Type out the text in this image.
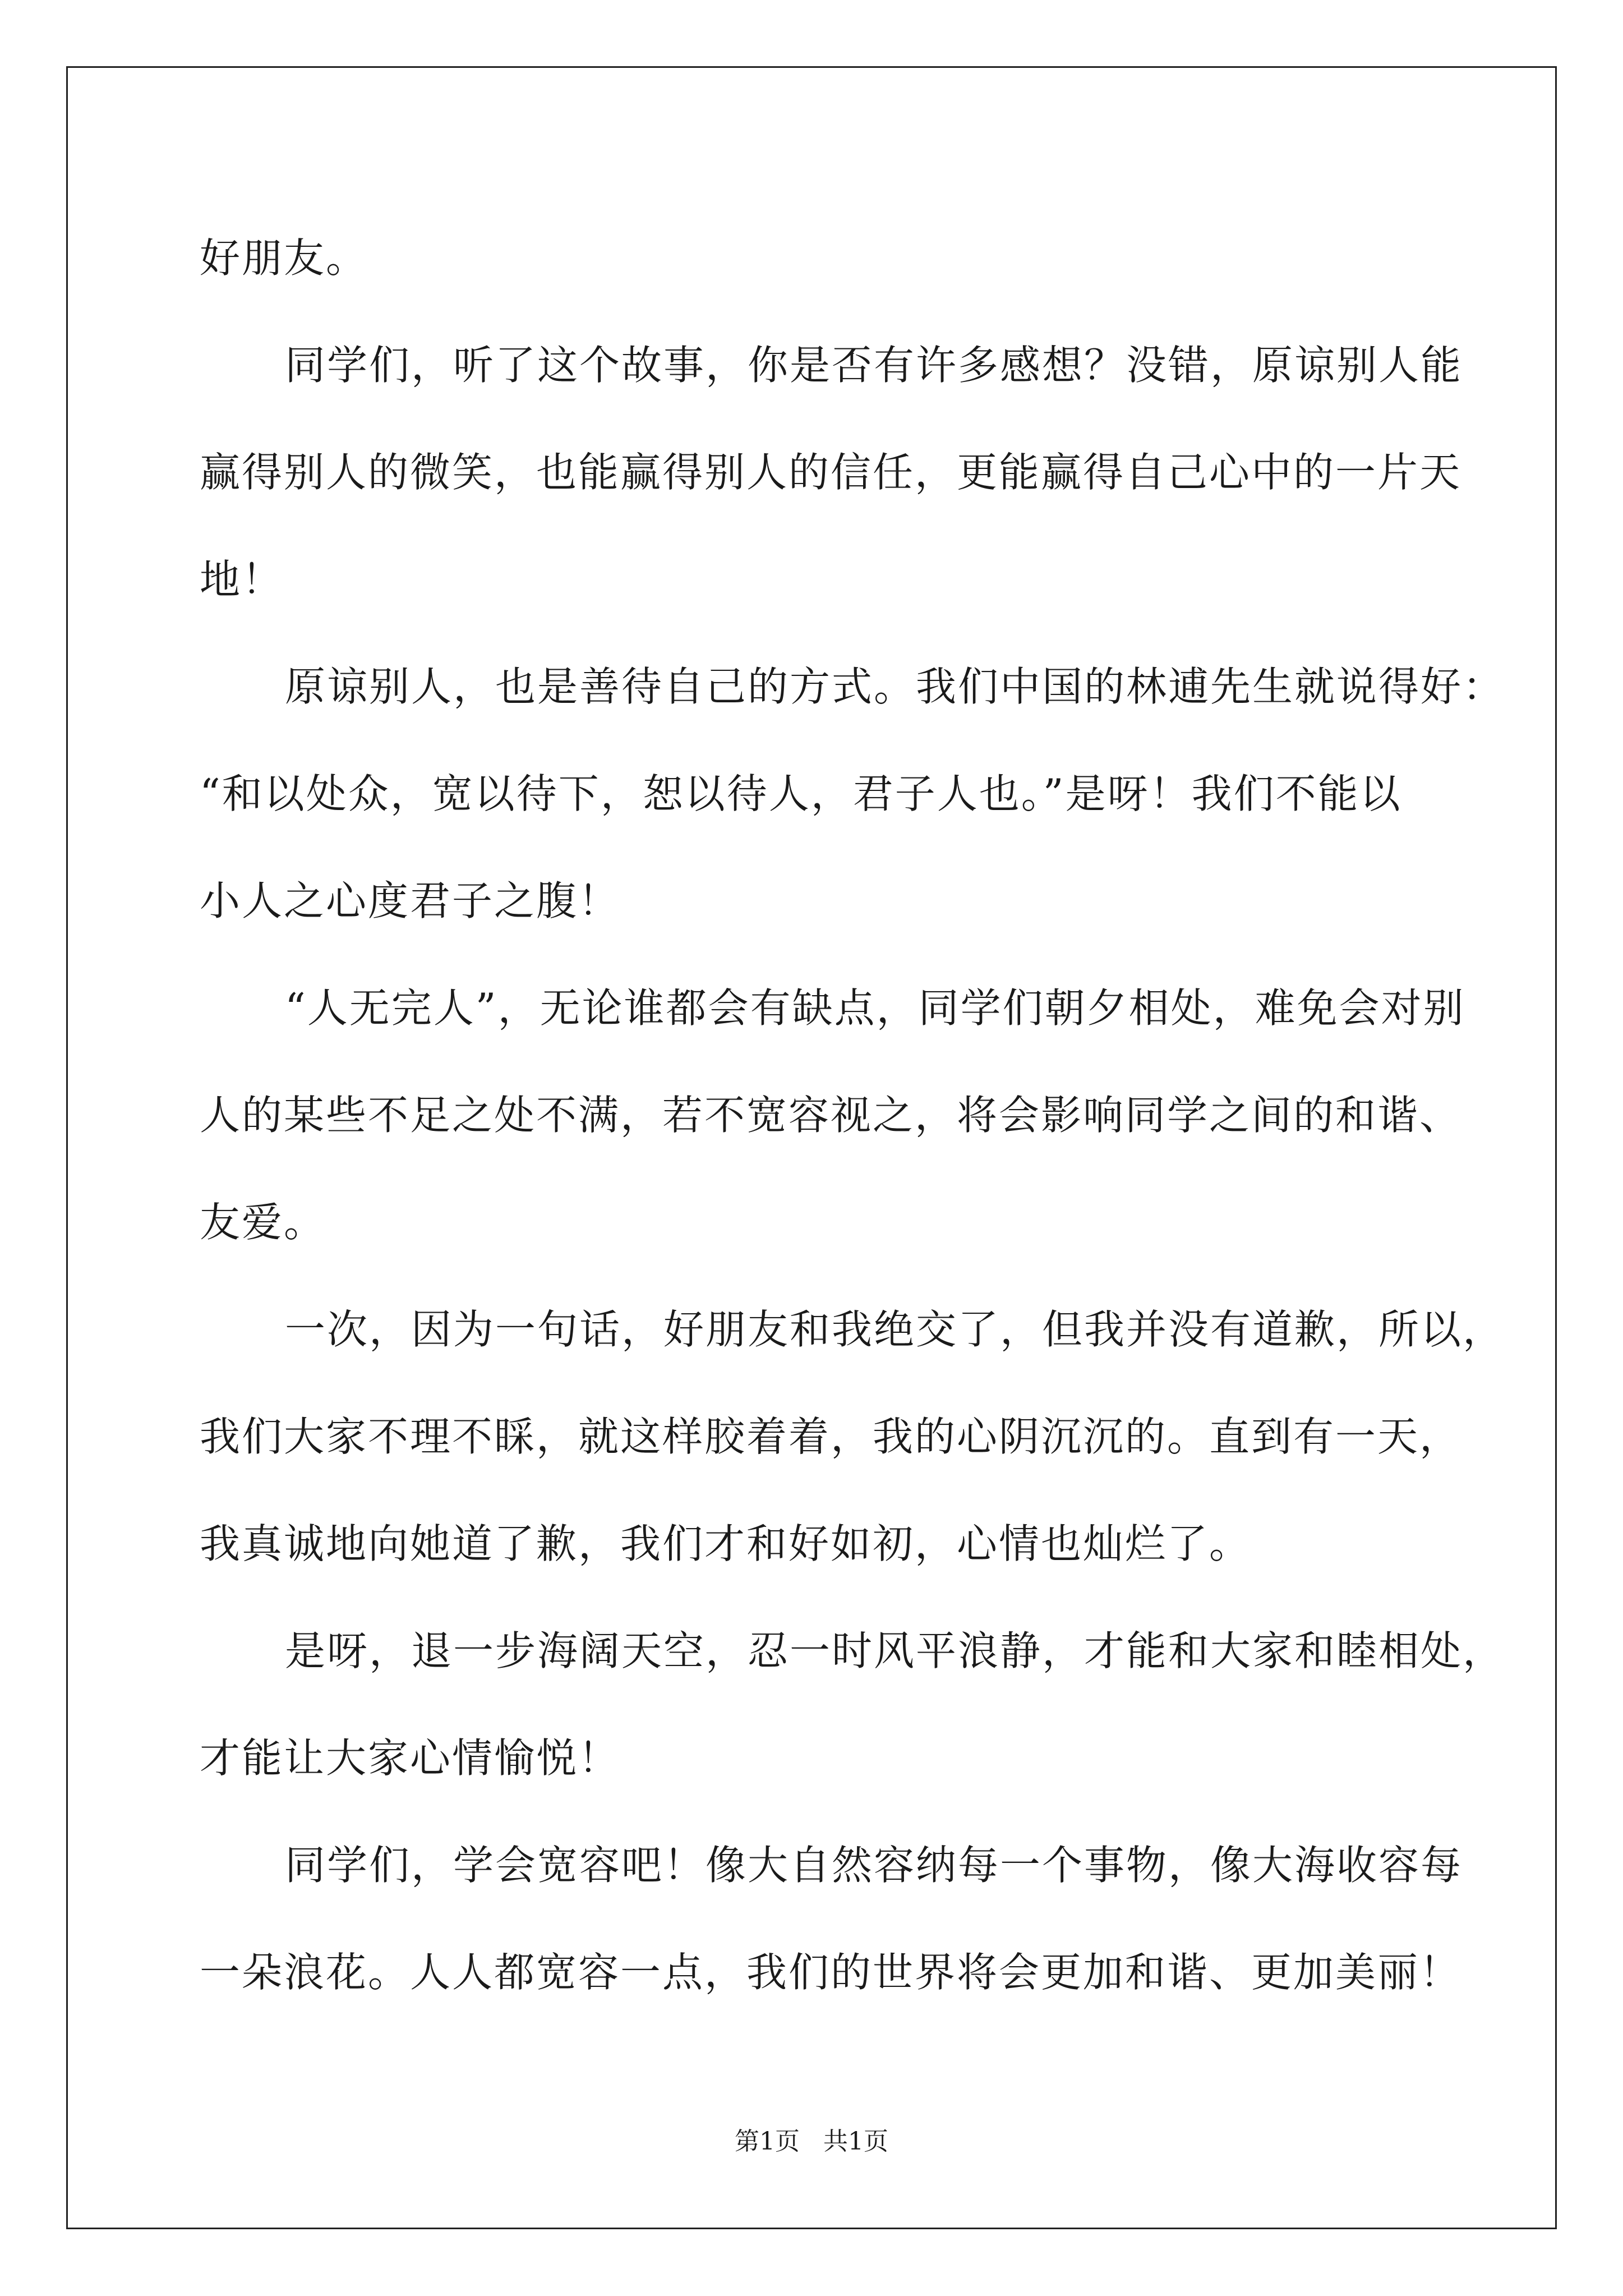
好朋友。
同学们，听了这个故事，你是否有许多感想？没错，原谅别人能
赢得别人的微笑，也能赢得别人的信任，更能赢得自己心中的一片天
地！
原谅别人，也是善待自己的方式。我们中国的林逋先生就说得好：
“和以处众，宽以待下，恕以待人，君子人也。”是呀！我们不能以
小人之心度君子之腹！
“人无完人”，无论谁都会有缺点，同学们朝夕相处，难免会对别
人的某些不足之处不满，若不宽容视之，将会影响同学之间的和谐、
友爱。
一次，因为一句话，好朋友和我绝交了，但我并没有道歉，所以，
我们大家不理不睬，就这样胶着着，我的心阴沉沉的。直到有一天，
我真诚地向她道了歉，我们才和好如初，心情也灿烂了。
是呀，退一步海阔天空，忍一时风平浪静，才能和大家和睦相处，
才能让大家心情愉悦！
同学们，学会宽容吧！像大自然容纳每一个事物，像大海收容每
一朵浪花。人人都宽容一点，我们的世界将会更加和谐、更加美丽！
第1页   共1页
